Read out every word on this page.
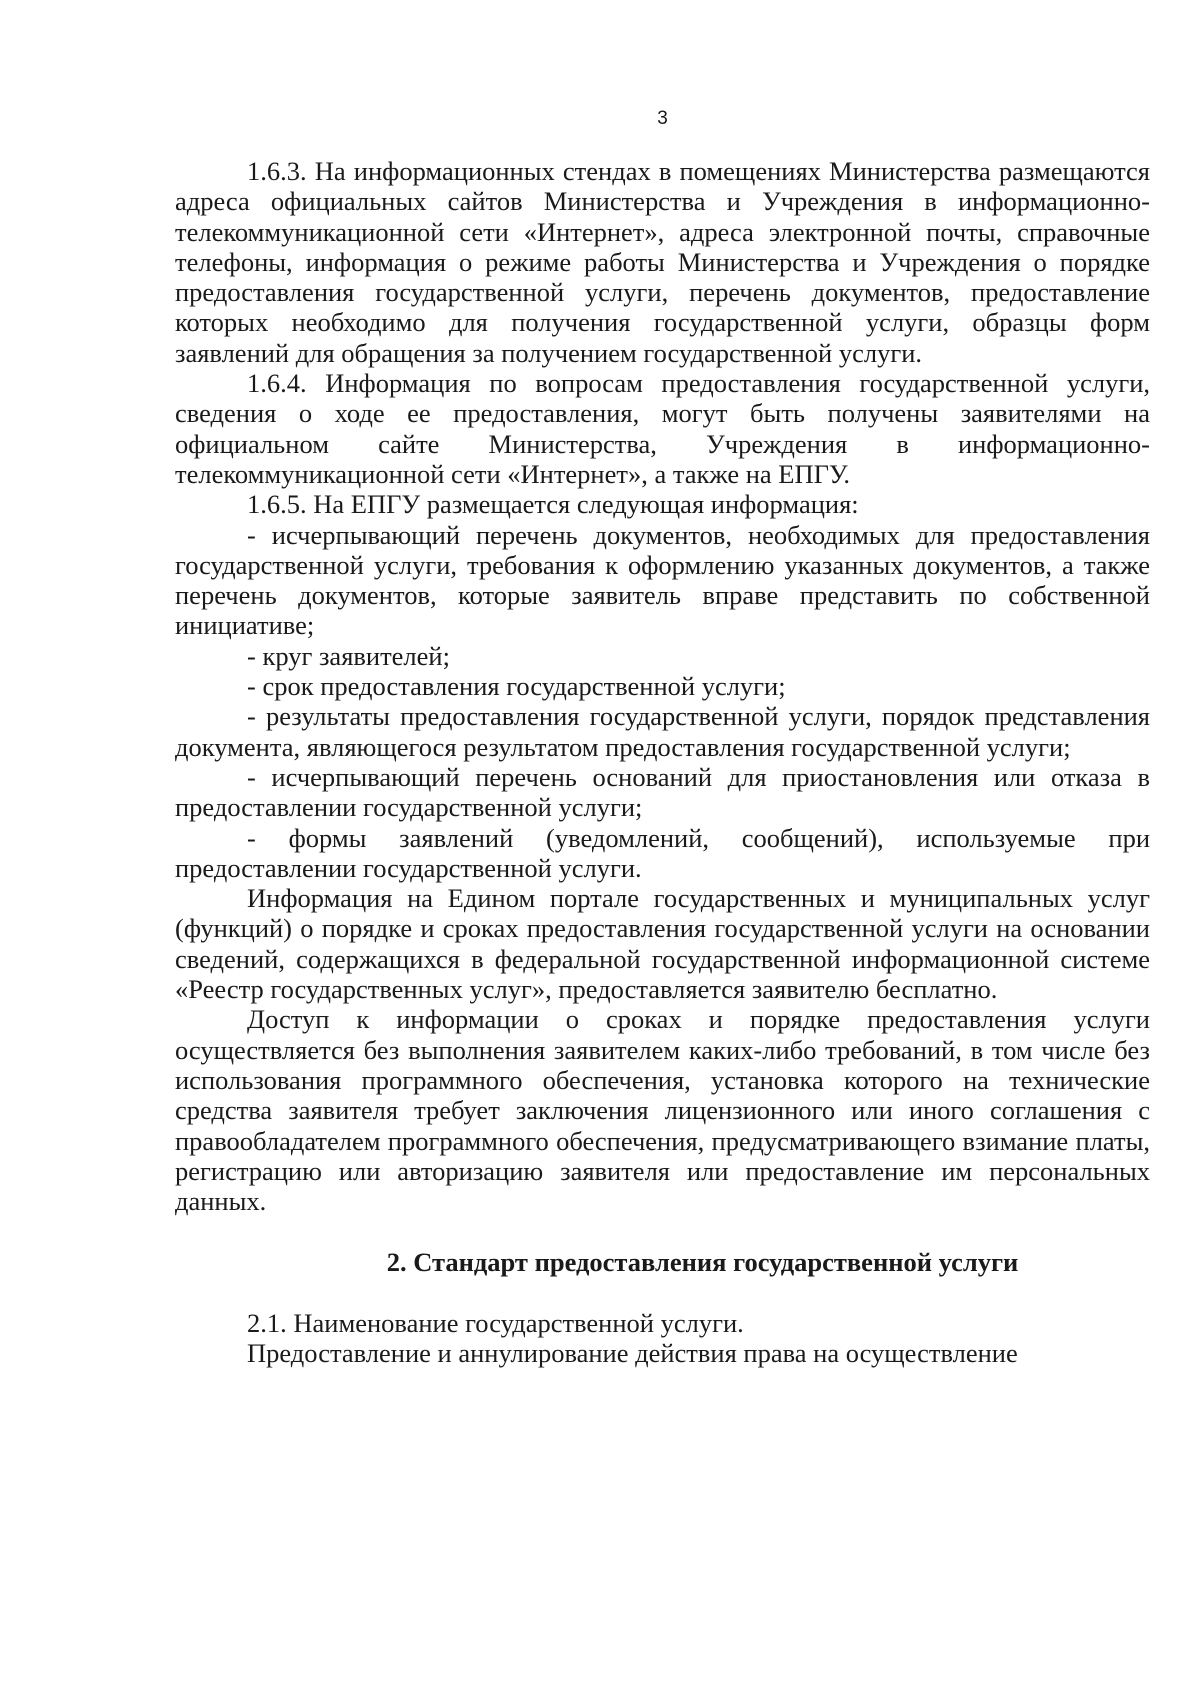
3

1.6.3. На информационных стендах в помещениях Министерства размещаются адреса официальных сайтов Министерства и Учреждения в информационно-телекоммуникационной сети «Интернет», адреса электронной почты, справочные телефоны, информация о режиме работы Министерства и Учреждения о порядке предоставления государственной услуги, перечень документов, предоставление которых необходимо для получения государственной услуги, образцы форм заявлений для обращения за получением государственной услуги.

1.6.4. Информация по вопросам предоставления государственной услуги, сведения о ходе ее предоставления, могут быть получены заявителями на официальном сайте Министерства, Учреждения в информационно-телекоммуникационной сети «Интернет», а также на ЕПГУ.

1.6.5. На ЕПГУ размещается следующая информация:

- исчерпывающий перечень документов, необходимых для предоставления государственной услуги, требования к оформлению указанных документов, а также перечень документов, которые заявитель вправе представить по собственной инициативе;

- круг заявителей;

- срок предоставления государственной услуги;

- результаты предоставления государственной услуги, порядок представления документа, являющегося результатом предоставления государственной услуги;

- исчерпывающий перечень оснований для приостановления или отказа в предоставлении государственной услуги;

- формы заявлений (уведомлений, сообщений), используемые при предоставлении государственной услуги.

Информация на Едином портале государственных и муниципальных услуг (функций) о порядке и сроках предоставления государственной услуги на основании сведений, содержащихся в федеральной государственной информационной системе «Реестр государственных услуг», предоставляется заявителю бесплатно.

Доступ к информации о сроках и порядке предоставления услуги осуществляется без выполнения заявителем каких-либо требований, в том числе без использования программного обеспечения, установка которого на технические средства заявителя требует заключения лицензионного или иного соглашения с правообладателем программного обеспечения, предусматривающего взимание платы, регистрацию или авторизацию заявителя или предоставление им персональных данных.

2. Стандарт предоставления государственной услуги

2.1. Наименование государственной услуги.

Предоставление и аннулирование действия права на осуществление
